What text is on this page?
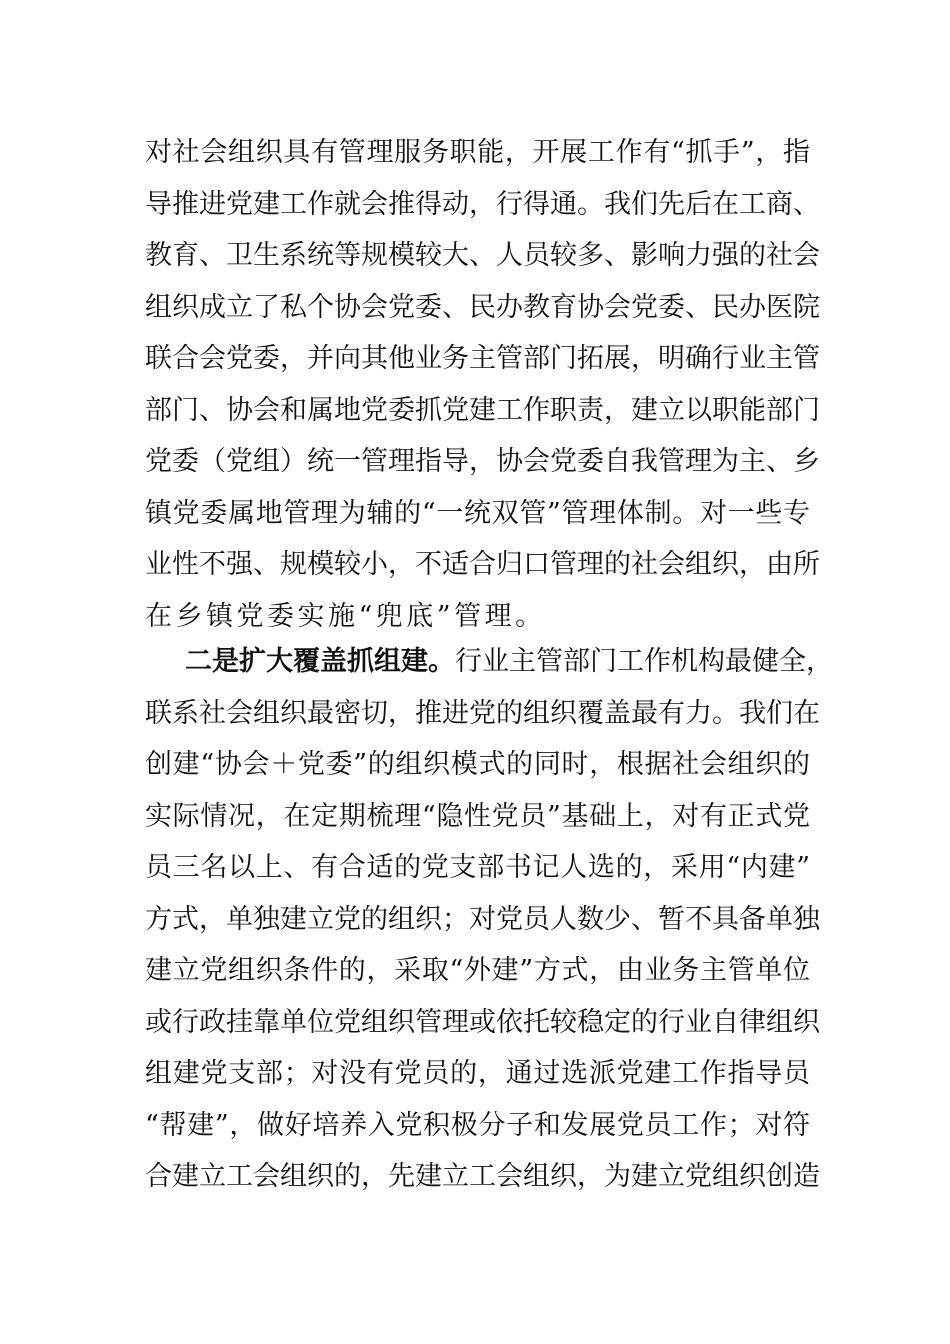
对社会组织具有管理服务职能，开展工作有“抓手”，指
导推进党建工作就会推得动，行得通。我们先后在工商、
教育、卫生系统等规模较大、人员较多、影响力强的社会
组织成立了私个协会党委、民办教育协会党委、民办医院
联合会党委，并向其他业务主管部门拓展，明确行业主管
部门、协会和属地党委抓党建工作职责，建立以职能部门
党委（党组）统一管理指导，协会党委自我管理为主、乡
镇党委属地管理为辅的“一统双管”管理体制。对一些专
业性不强、规模较小，不适合归口管理的社会组织，由所
在乡镇党委实施“兜底”管理。
二是扩大覆盖抓组建。行业主管部门工作机构最健全，
联系社会组织最密切，推进党的组织覆盖最有力。我们在
创建“协会＋党委”的组织模式的同时，根据社会组织的
实际情况，在定期梳理“隐性党员”基础上，对有正式党
员三名以上、有合适的党支部书记人选的，采用“内建”
方式，单独建立党的组织；对党员人数少、暂不具备单独
建立党组织条件的，采取“外建”方式，由业务主管单位
或行政挂靠单位党组织管理或依托较稳定的行业自律组织
组建党支部；对没有党员的，通过选派党建工作指导员
“帮建”，做好培养入党积极分子和发展党员工作；对符
合建立工会组织的，先建立工会组织，为建立党组织创造
